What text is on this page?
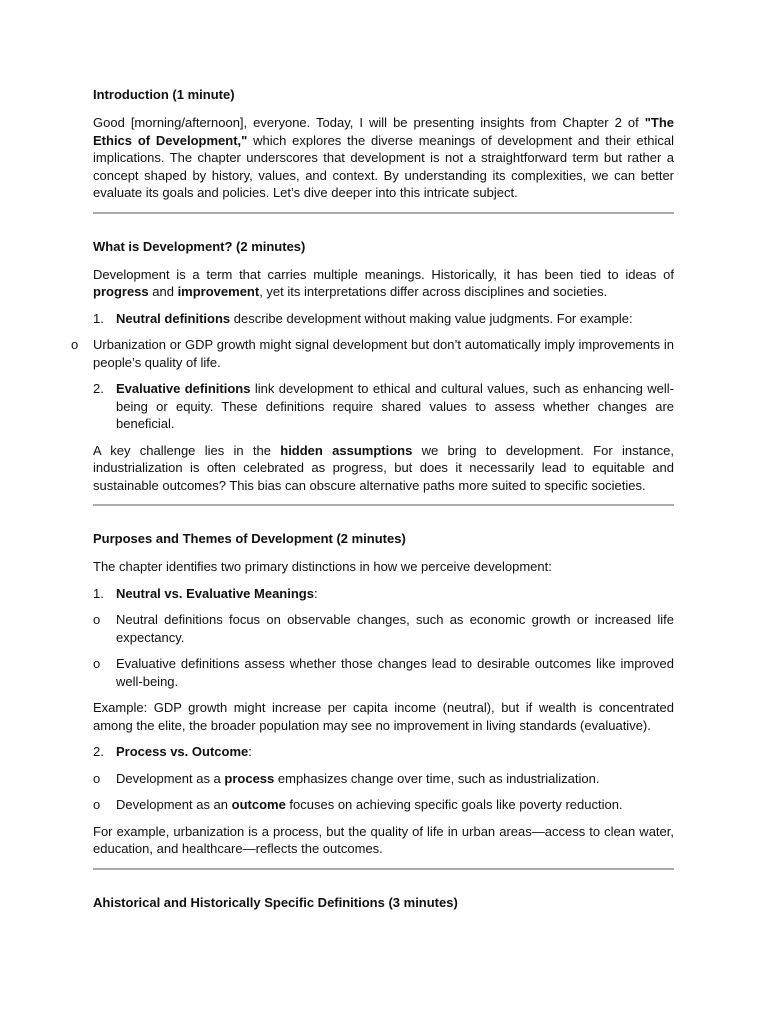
Introduction (1 minute)

Good [morning/afternoon], everyone. Today, I will be presenting insights from Chapter 2 of "The Ethics of Development," which explores the diverse meanings of development and their ethical implications. The chapter underscores that development is not a straightforward term but rather a concept shaped by history, values, and context. By understanding its complexities, we can better evaluate its goals and policies. Let’s dive deeper into this intricate subject.

What is Development? (2 minutes)

Development is a term that carries multiple meanings. Historically, it has been tied to ideas of progress and improvement, yet its interpretations differ across disciplines and societies.

1. Neutral definitions describe development without making value judgments. For example:
o Urbanization or GDP growth might signal development but don’t automatically imply improvements in people’s quality of life.
2. Evaluative definitions link development to ethical and cultural values, such as enhancing well-being or equity. These definitions require shared values to assess whether changes are beneficial.

A key challenge lies in the hidden assumptions we bring to development. For instance, industrialization is often celebrated as progress, but does it necessarily lead to equitable and sustainable outcomes? This bias can obscure alternative paths more suited to specific societies.

Purposes and Themes of Development (2 minutes)

The chapter identifies two primary distinctions in how we perceive development:

1. Neutral vs. Evaluative Meanings:
o Neutral definitions focus on observable changes, such as economic growth or increased life expectancy.
o Evaluative definitions assess whether those changes lead to desirable outcomes like improved well-being.

Example: GDP growth might increase per capita income (neutral), but if wealth is concentrated among the elite, the broader population may see no improvement in living standards (evaluative).

2. Process vs. Outcome:
o Development as a process emphasizes change over time, such as industrialization.
o Development as an outcome focuses on achieving specific goals like poverty reduction.

For example, urbanization is a process, but the quality of life in urban areas—access to clean water, education, and healthcare—reflects the outcomes.

Ahistorical and Historically Specific Definitions (3 minutes)
